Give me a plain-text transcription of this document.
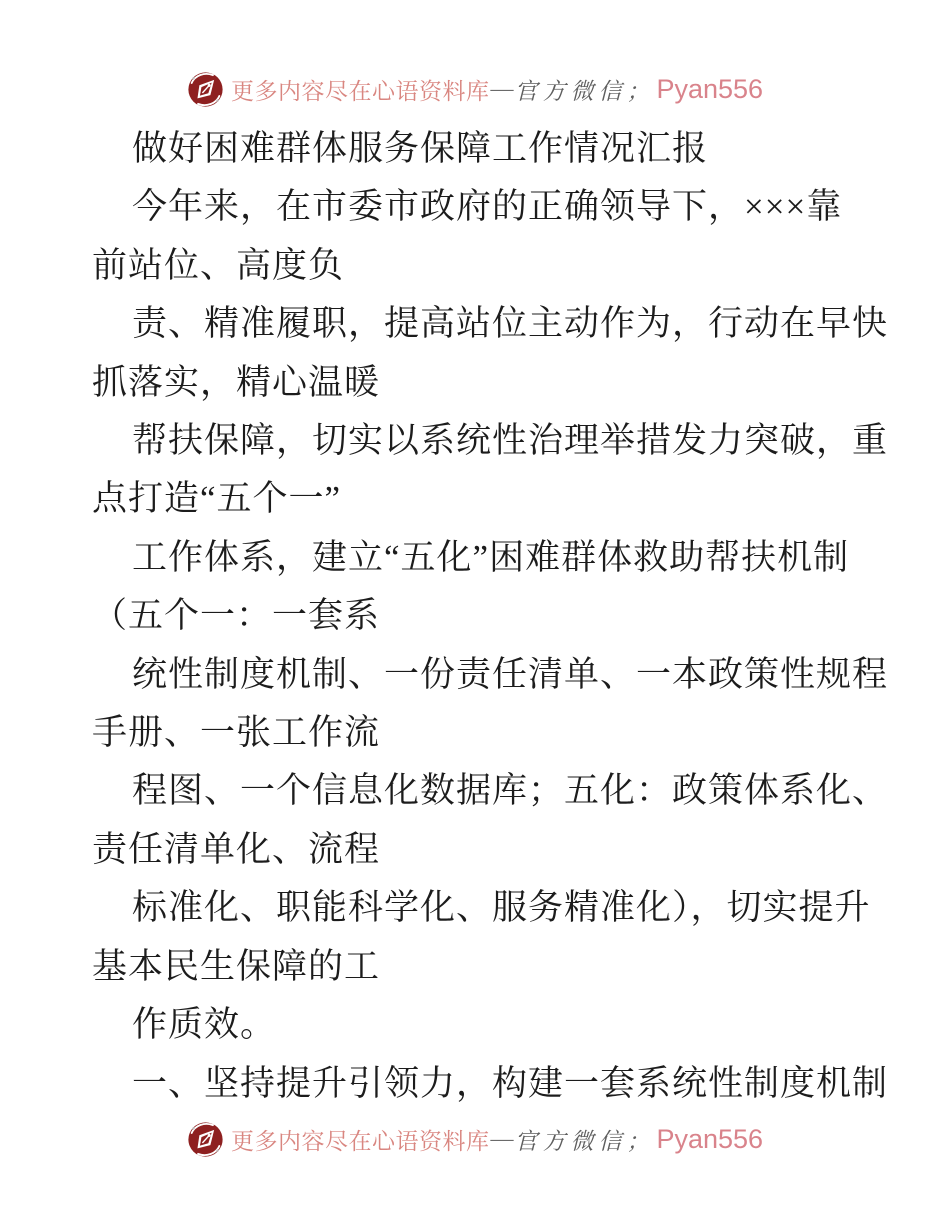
更多内容尽在心语资料库 — 官方微信； Pyan556
做好困难群体服务保障工作情况汇报
今年来，在市委市政府的正确领导下，×××靠
前站位、高度负
责、精准履职，提高站位主动作为，行动在早快
抓落实，精心温暖
帮扶保障，切实以系统性治理举措发力突破，重
点打造“五个一”
工作体系，建立“五化”困难群体救助帮扶机制
（五个一：一套系
统性制度机制、一份责任清单、一本政策性规程
手册、一张工作流
程图、一个信息化数据库；五化：政策体系化、
责任清单化、流程
标准化、职能科学化、服务精准化），切实提升
基本民生保障的工
作质效。
一、坚持提升引领力，构建一套系统性制度机制
更多内容尽在心语资料库 — 官方微信； Pyan556
